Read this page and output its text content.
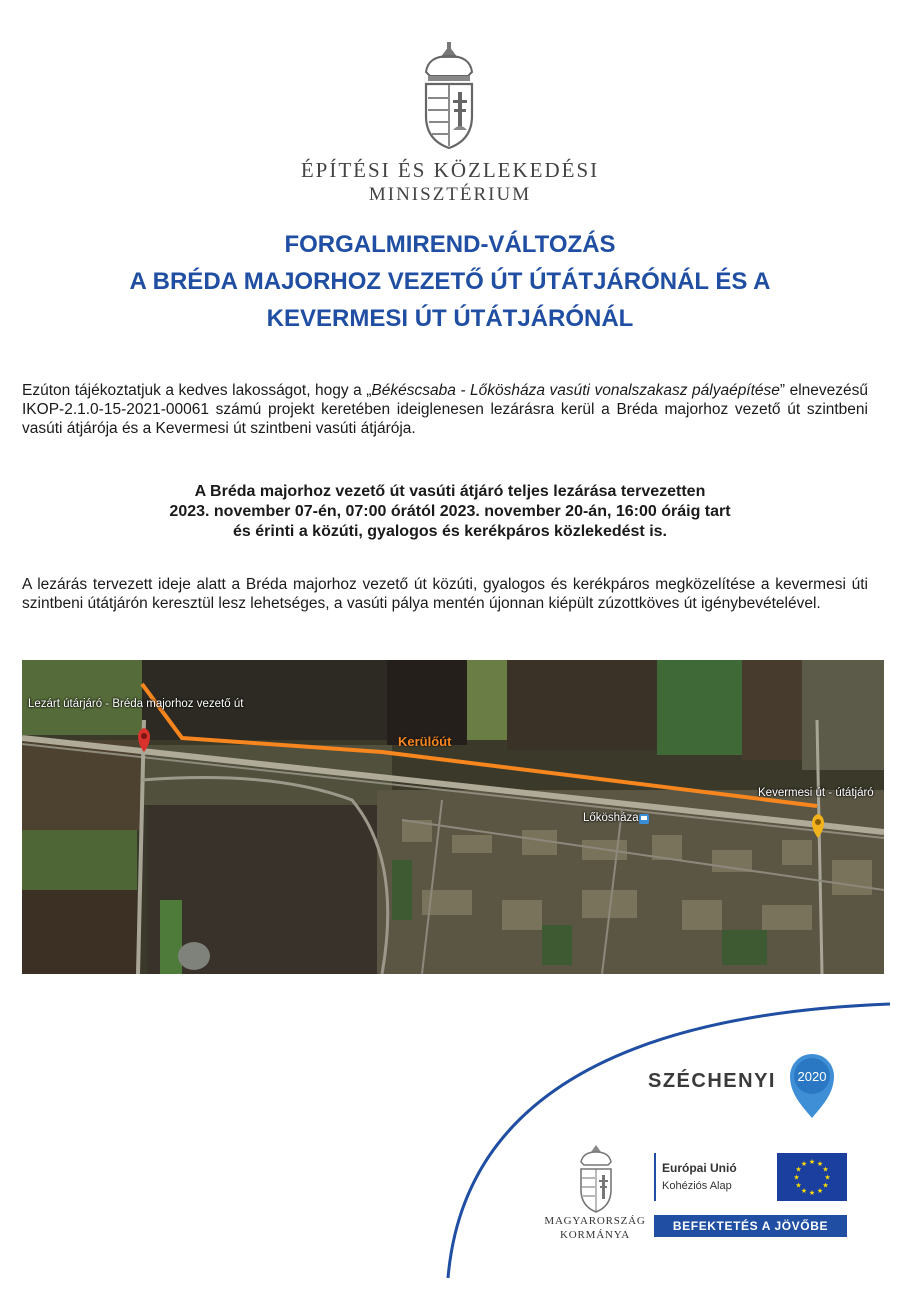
ÉPÍTÉSI ÉS KÖZLEKEDÉSI
MINISZTÉRIUM
FORGALMIREND-VÁLTOZÁS
A BRÉDA MAJORHOZ VEZETŐ ÚT ÚTÁTJÁRÓNÁL ÉS A
KEVERMESI ÚT ÚTÁTJÁRÓNÁL
Ezúton tájékoztatjuk a kedves lakosságot, hogy a „Békéscsaba - Lőkösháza vasúti vonalszakasz pályaépítése” elnevezésű IKOP-2.1.0-15-2021-00061 számú projekt keretében ideiglenesen lezárásra kerül a Bréda majorhoz vezető út szintbeni vasúti átjárója és a Kevermesi út szintbeni vasúti átjárója.
A Bréda majorhoz vezető út vasúti átjáró teljes lezárása tervezetten
2023. november 07-én, 07:00 órától 2023. november 20-án, 16:00 óráig tart
és érinti a közúti, gyalogos és kerékpáros közlekedést is.
A lezárás tervezett ideje alatt a Bréda majorhoz vezető út közúti, gyalogos és kerékpáros megközelítése a kevermesi úti szintbeni útátjárón keresztül lesz lehetséges, a vasúti pálya mentén újonnan kiépült zúzottköves út igénybevételével.
Lezárt útárjáró - Bréda majorhoz vezető út
Kerülőút
Lőkösháza
Kevermesi út - útátjáró
SZÉCHENYI 2020
MAGYARORSZÁG
KORMÁNYA
Európai Unió
Kohéziós Alap
★ ★
★
★
★
★
★
★
★
★
★
★
BEFEKTETÉS A JÖVŐBE
